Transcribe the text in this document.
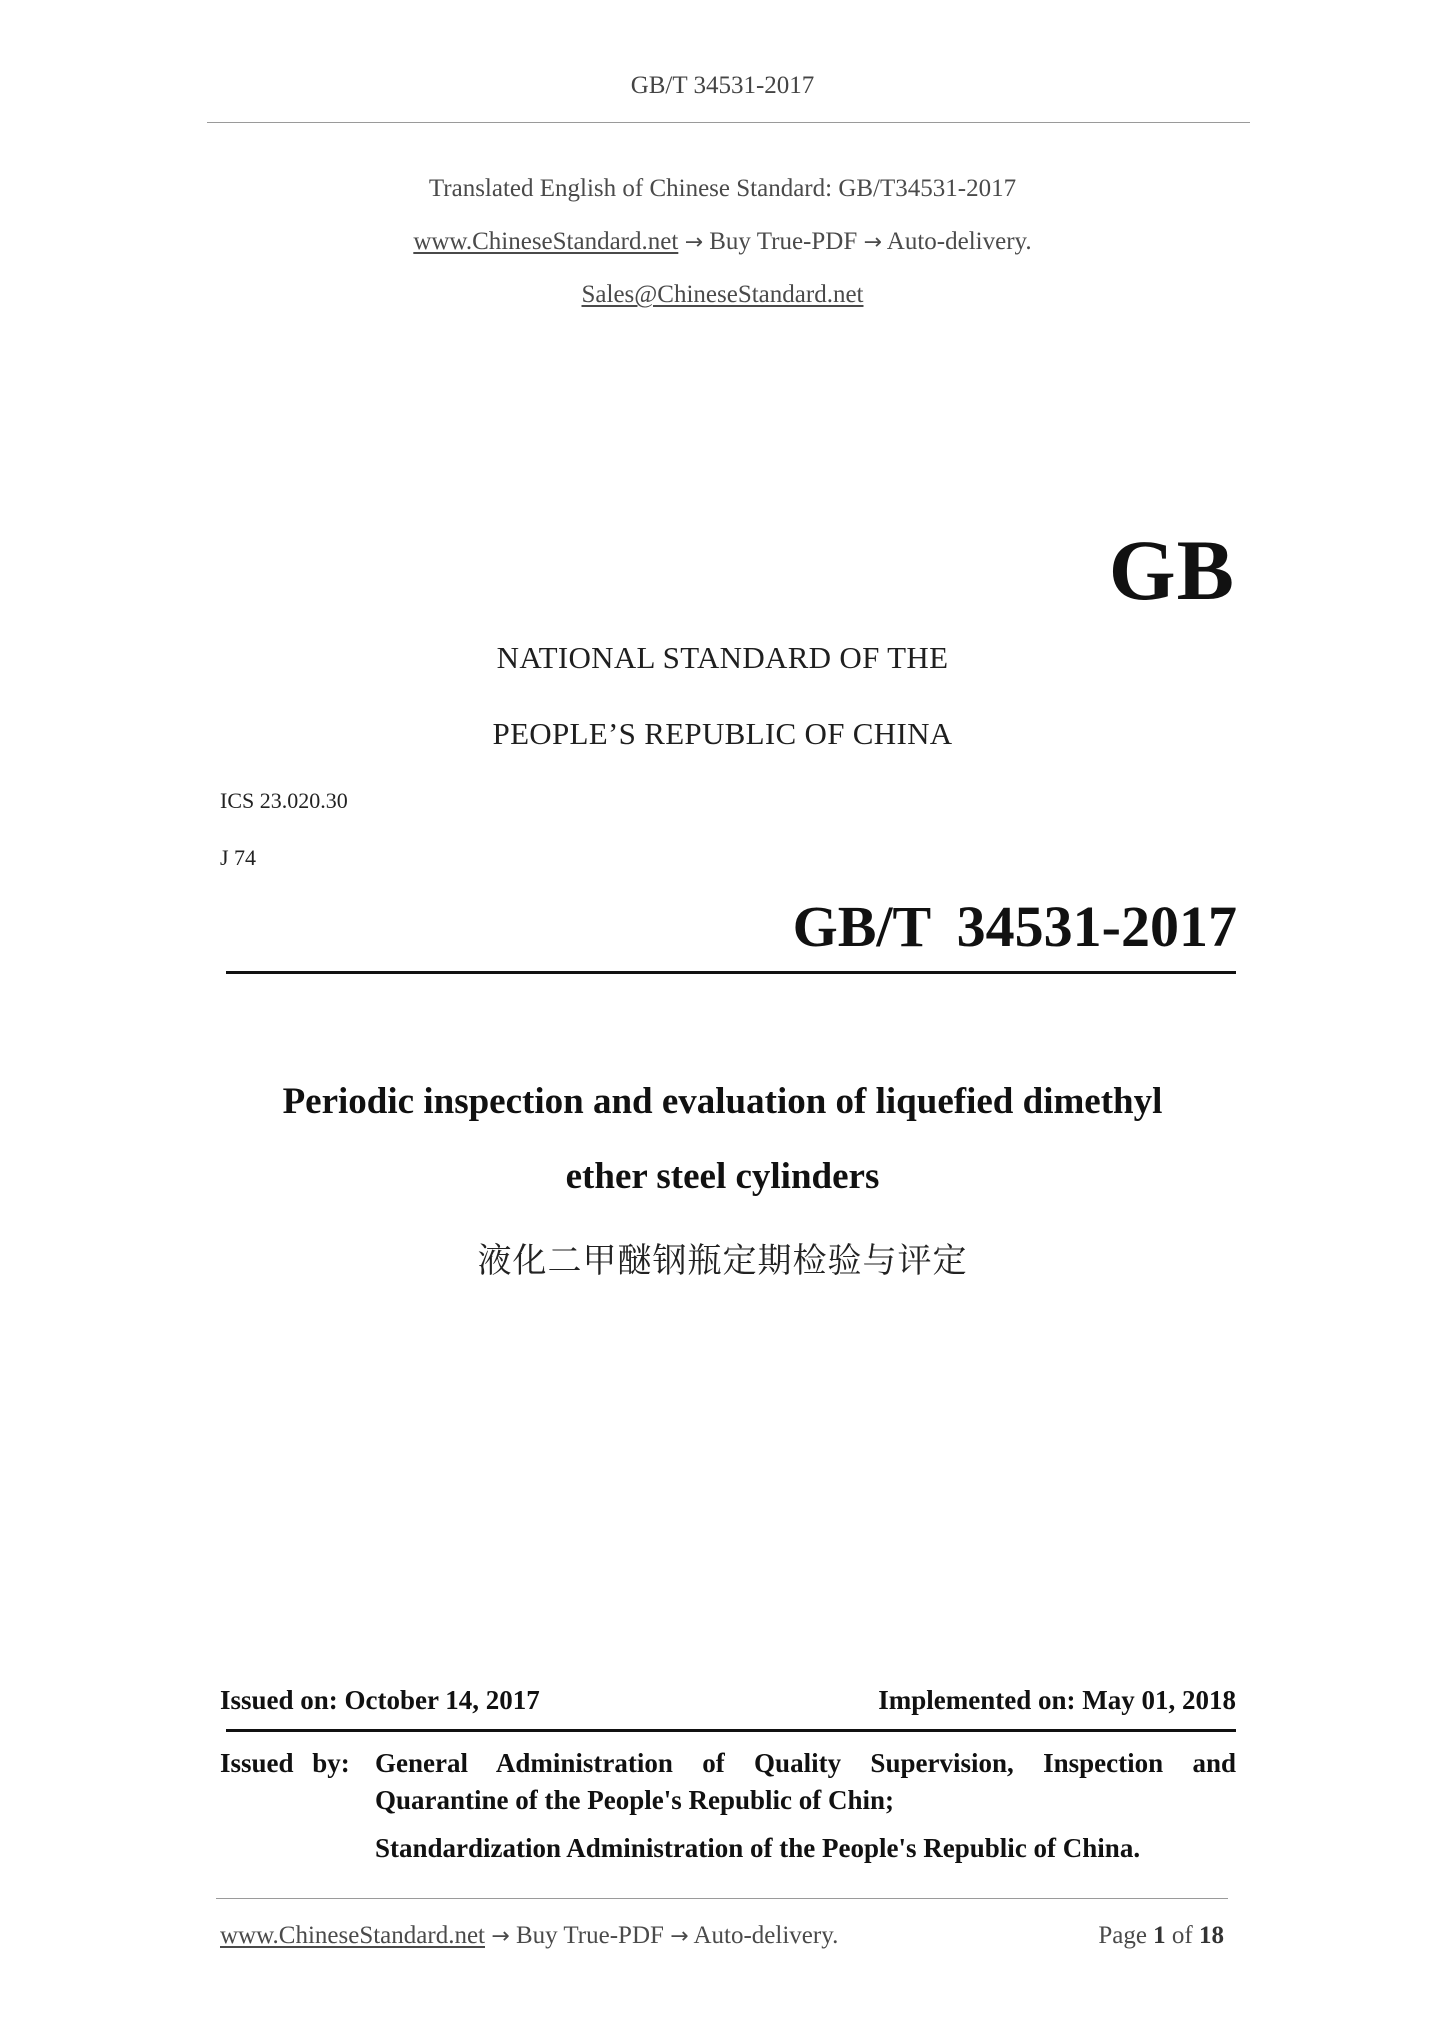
GB/T 34531-2017
Translated English of Chinese Standard: GB/T34531-2017
www.ChineseStandard.net → Buy True-PDF → Auto-delivery.
Sales@ChineseStandard.net
GB
NATIONAL STANDARD OF THE
PEOPLE’S REPUBLIC OF CHINA
ICS 23.020.30
J 74
GB/T 34531-2017
Periodic inspection and evaluation of liquefied dimethyl
ether steel cylinders
液化二甲醚钢瓶定期检验与评定
Issued on: October 14, 2017	Implemented on: May 01, 2018
Issued by: General Administration of Quality Supervision, Inspection and
Quarantine of the People's Republic of Chin;
Standardization Administration of the People's Republic of China.
www.ChineseStandard.net → Buy True-PDF → Auto-delivery.	Page 1 of 18
